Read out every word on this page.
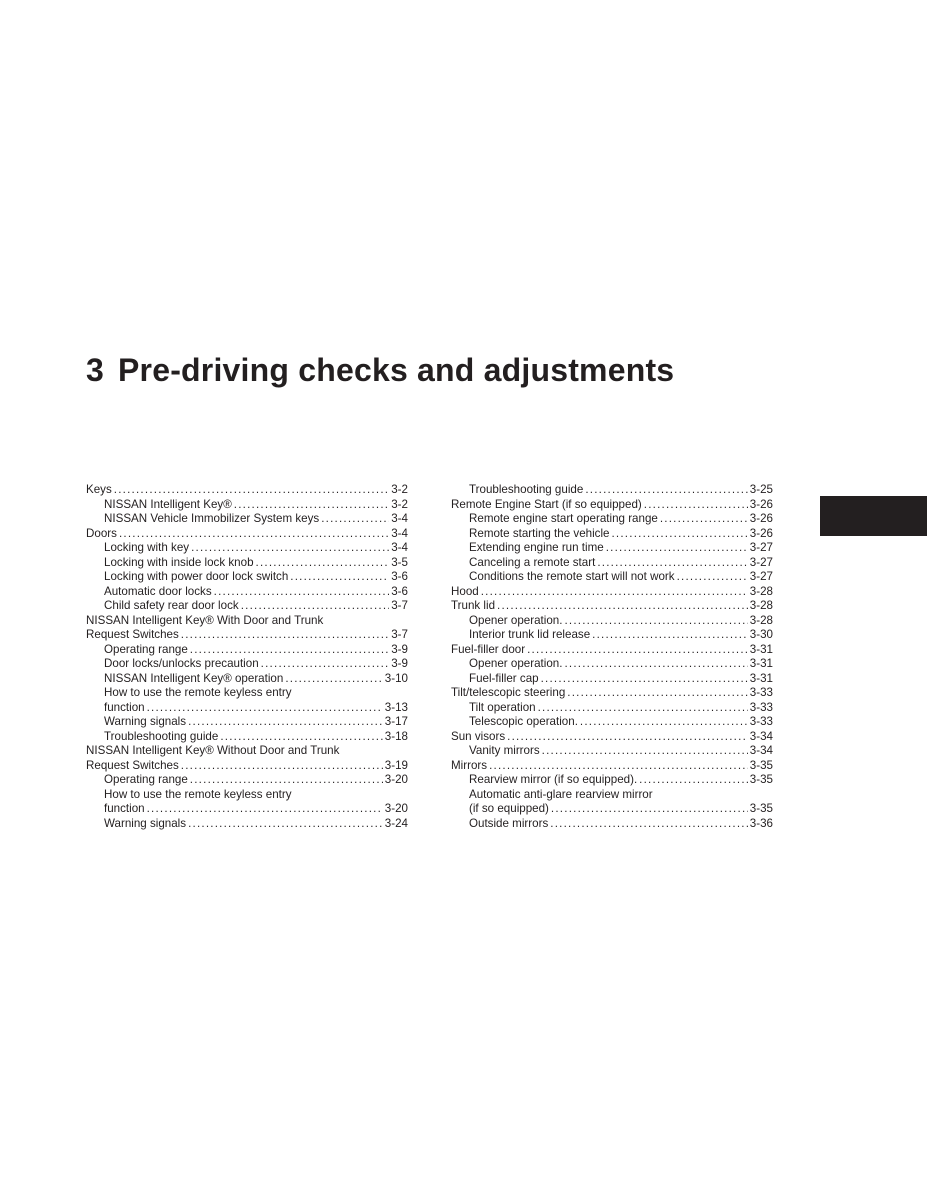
3 Pre-driving checks and adjustments
Keys . . .	3-2
NISSAN Intelligent Key® . . .	3-2
NISSAN Vehicle Immobilizer System keys . . .	3-4
Doors . . .	3-4
Locking with key . . .	3-4
Locking with inside lock knob . . .	3-5
Locking with power door lock switch . . .	3-6
Automatic door locks . . .	3-6
Child safety rear door lock . . .	3-7
NISSAN Intelligent Key® With Door and Trunk
Request Switches . . .	3-7
Operating range . . .	3-9
Door locks/unlocks precaution . . .	3-9
NISSAN Intelligent Key® operation . . .	3-10
How to use the remote keyless entry
function . . .	3-13
Warning signals . . .	3-17
Troubleshooting guide . . .	3-18
NISSAN Intelligent Key® Without Door and Trunk
Request Switches . . .	3-19
Operating range . . .	3-20
How to use the remote keyless entry
function . . .	3-20
Warning signals . . .	3-24
Troubleshooting guide . . .	3-25
Remote Engine Start (if so equipped) . . .	3-26
Remote engine start operating range . . .	3-26
Remote starting the vehicle . . .	3-26
Extending engine run time . . .	3-27
Canceling a remote start . . .	3-27
Conditions the remote start will not work . . .	3-27
Hood . . .	3-28
Trunk lid . . .	3-28
Opener operation. . . .	3-28
Interior trunk lid release . . .	3-30
Fuel-filler door . . .	3-31
Opener operation. . . .	3-31
Fuel-filler cap . . .	3-31
Tilt/telescopic steering . . .	3-33
Tilt operation . . .	3-33
Telescopic operation. . . .	3-33
Sun visors . . .	3-34
Vanity mirrors . . .	3-34
Mirrors . . .	3-35
Rearview mirror (if so equipped). . . .	3-35
Automatic anti-glare rearview mirror
(if so equipped) . . .	3-35
Outside mirrors . . .	3-36
